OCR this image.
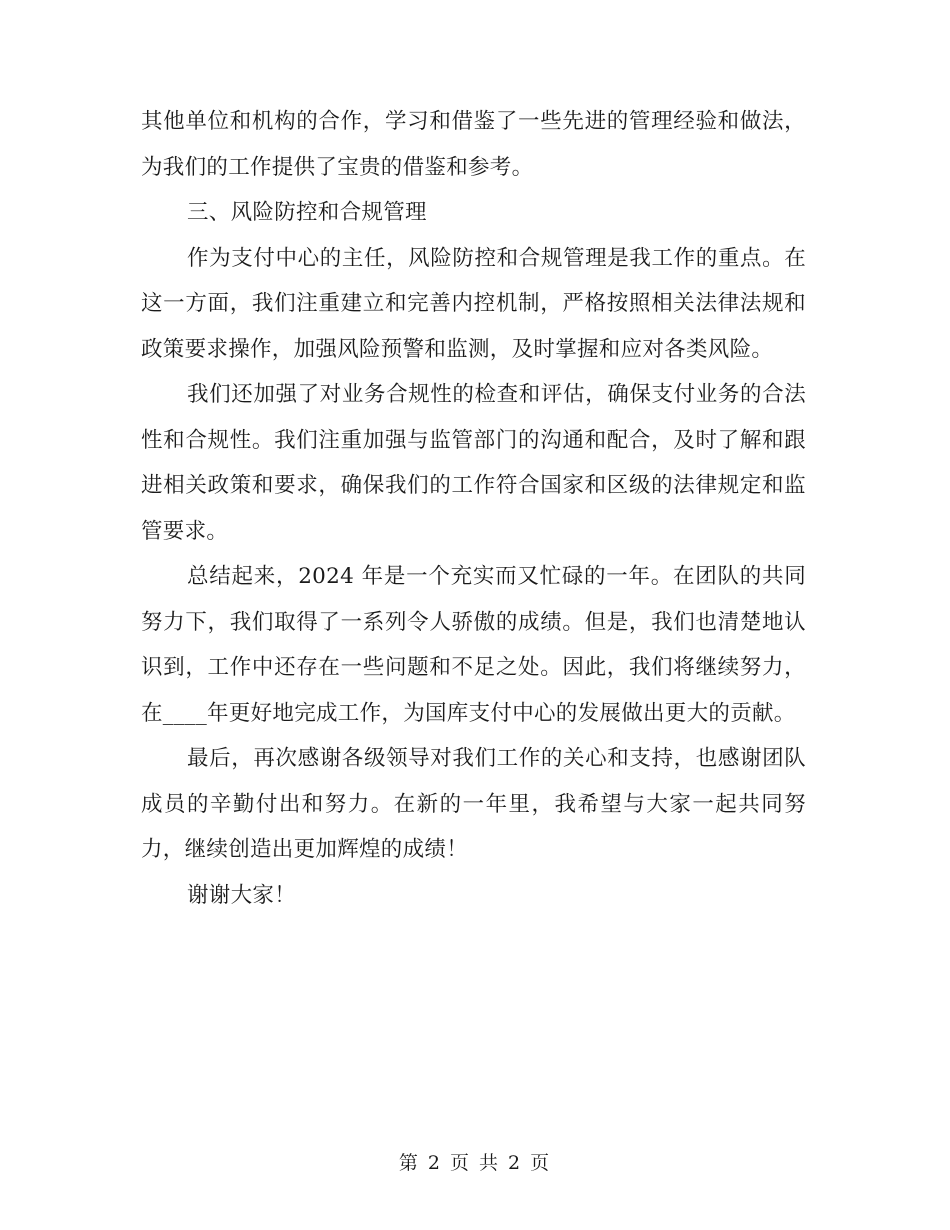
其他单位和机构的合作，学习和借鉴了一些先进的管理经验和做法，为我们的工作提供了宝贵的借鉴和参考。

三、风险防控和合规管理

作为支付中心的主任，风险防控和合规管理是我工作的重点。在这一方面，我们注重建立和完善内控机制，严格按照相关法律法规和政策要求操作，加强风险预警和监测，及时掌握和应对各类风险。

我们还加强了对业务合规性的检查和评估，确保支付业务的合法性和合规性。我们注重加强与监管部门的沟通和配合，及时了解和跟进相关政策和要求，确保我们的工作符合国家和区级的法律规定和监管要求。

总结起来，2024 年是一个充实而又忙碌的一年。在团队的共同努力下，我们取得了一系列令人骄傲的成绩。但是，我们也清楚地认识到，工作中还存在一些问题和不足之处。因此，我们将继续努力，在____年更好地完成工作，为国库支付中心的发展做出更大的贡献。

最后，再次感谢各级领导对我们工作的关心和支持，也感谢团队成员的辛勤付出和努力。在新的一年里，我希望与大家一起共同努力，继续创造出更加辉煌的成绩！

谢谢大家！

第 2 页 共 2 页
